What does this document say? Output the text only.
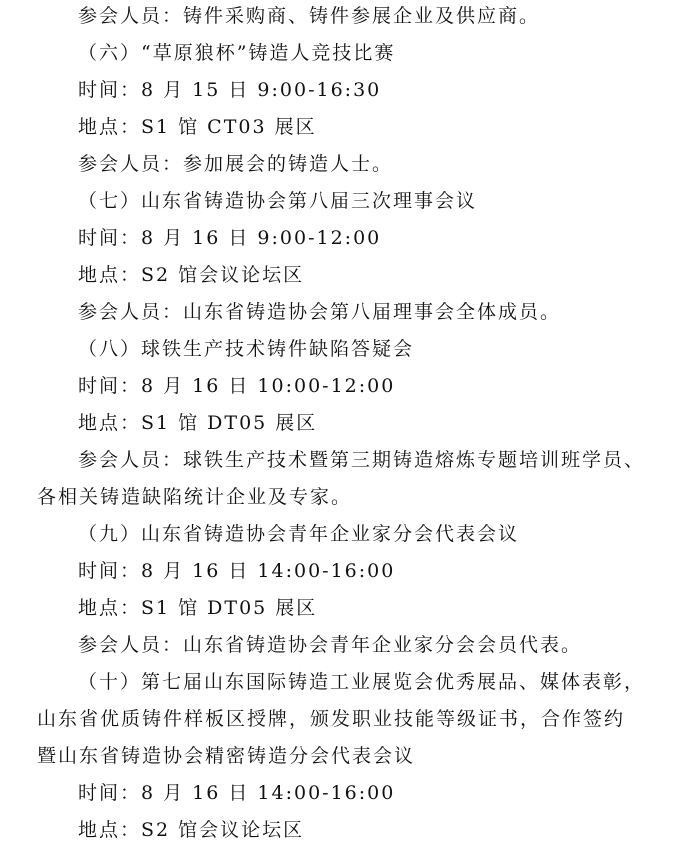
参会人员：铸件采购商、铸件参展企业及供应商。
（六）“草原狼杯”铸造人竞技比赛
时间：8 月 15 日 9:00-16:30
地点：S1 馆 CT03 展区
参会人员：参加展会的铸造人士。
（七）山东省铸造协会第八届三次理事会议
时间：8 月 16 日 9:00-12:00
地点：S2 馆会议论坛区
参会人员：山东省铸造协会第八届理事会全体成员。
（八）球铁生产技术铸件缺陷答疑会
时间：8 月 16 日 10:00-12:00
地点：S1 馆 DT05 展区
参会人员：球铁生产技术暨第三期铸造熔炼专题培训班学员、
各相关铸造缺陷统计企业及专家。
（九）山东省铸造协会青年企业家分会代表会议
时间：8 月 16 日 14:00-16:00
地点：S1 馆 DT05 展区
参会人员：山东省铸造协会青年企业家分会会员代表。
（十）第七届山东国际铸造工业展览会优秀展品、媒体表彰，
山东省优质铸件样板区授牌，颁发职业技能等级证书，合作签约
暨山东省铸造协会精密铸造分会代表会议
时间：8 月 16 日 14:00-16:00
地点：S2 馆会议论坛区
